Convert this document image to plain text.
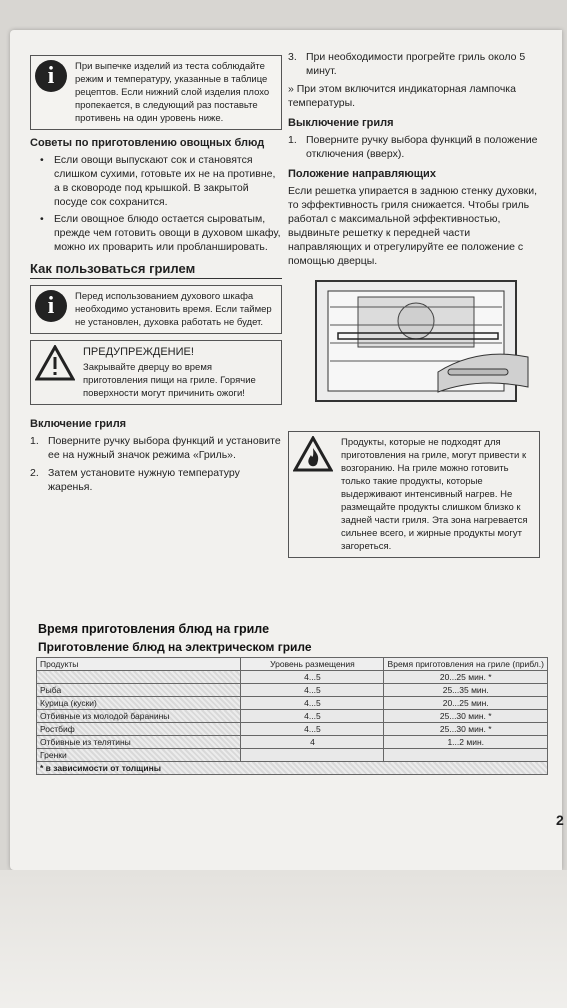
i	При выпечке изделий из теста соблюдайте режим и температуру, указанные в таблице рецептов. Если нижний слой изделия плохо пропекается, в следующий раз поставьте противень на один уровень ниже.
Советы по приготовлению овощных блюд
• Если овощи выпускают сок и становятся слишком сухими, готовьте их не на противне, а в сковороде под крышкой. В закрытой посуде сок сохранится.
• Если овощное блюдо остается сыроватым, прежде чем готовить овощи в духовом шкафу, можно их проварить или пробланшировать.
Как пользоваться грилем
i	Перед использованием духового шкафа необходимо установить время. Если таймер не установлен, духовка работать не будет.
ПРЕДУПРЕЖДЕНИЕ!
Закрывайте дверцу во время приготовления пищи на гриле. Горячие поверхности могут причинить ожоги!
Включение гриля
1. Поверните ручку выбора функций и установите ее на нужный значок режима «Гриль».
2. Затем установите нужную температуру жаренья.
3. При необходимости прогрейте гриль около 5 минут.
» При этом включится индикаторная лампочка температуры.
Выключение гриля
1. Поверните ручку выбора функций в положение отключения (вверх).
Положение направляющих
Если решетка упирается в заднюю стенку духовки, то эффективность гриля снижается. Чтобы гриль работал с максимальной эффективностью, выдвиньте решетку к передней части направляющих и отрегулируйте ее положение с помощью дверцы.
Продукты, которые не подходят для приготовления на гриле, могут привести к возгоранию. На гриле можно готовить только такие продукты, которые выдерживают интенсивный нагрев. Не размещайте продукты слишком близко к задней части гриля. Эта зона нагревается сильнее всего, и жирные продукты могут загореться.
Время приготовления блюд на гриле
Приготовление блюд на электрическом гриле
Продукты	Уровень размещения	Время приготовления на гриле (прибл.)
	4...5	20...25 мин. *
Рыба	4...5	25...35 мин.
Курица (куски)	4...5	20...25 мин.
Отбивные из молодой баранины	4...5	25...30 мин. *
Ростбиф	4...5	25...30 мин. *
Отбивные из телятины	4	1...2 мин.
Гренки		
* в зависимости от толщины		
2
